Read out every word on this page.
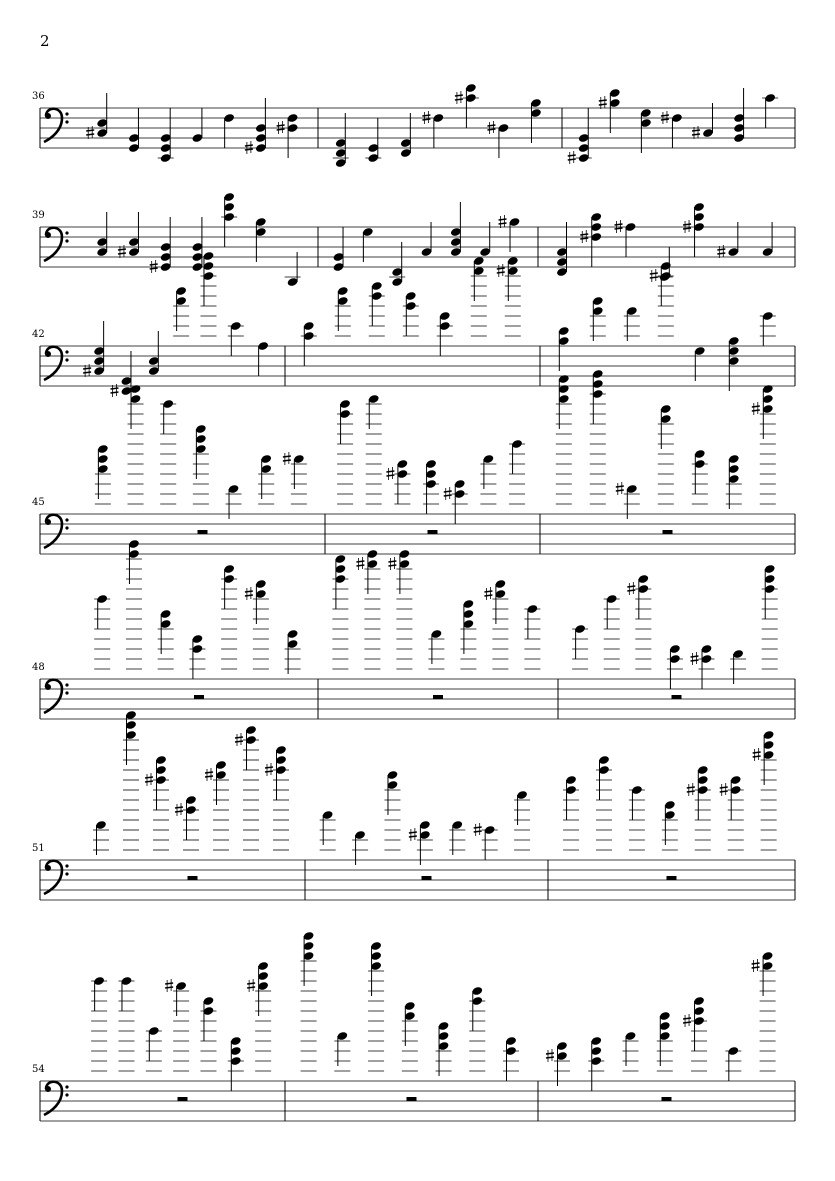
2
36
39
42
45
48
51
54
